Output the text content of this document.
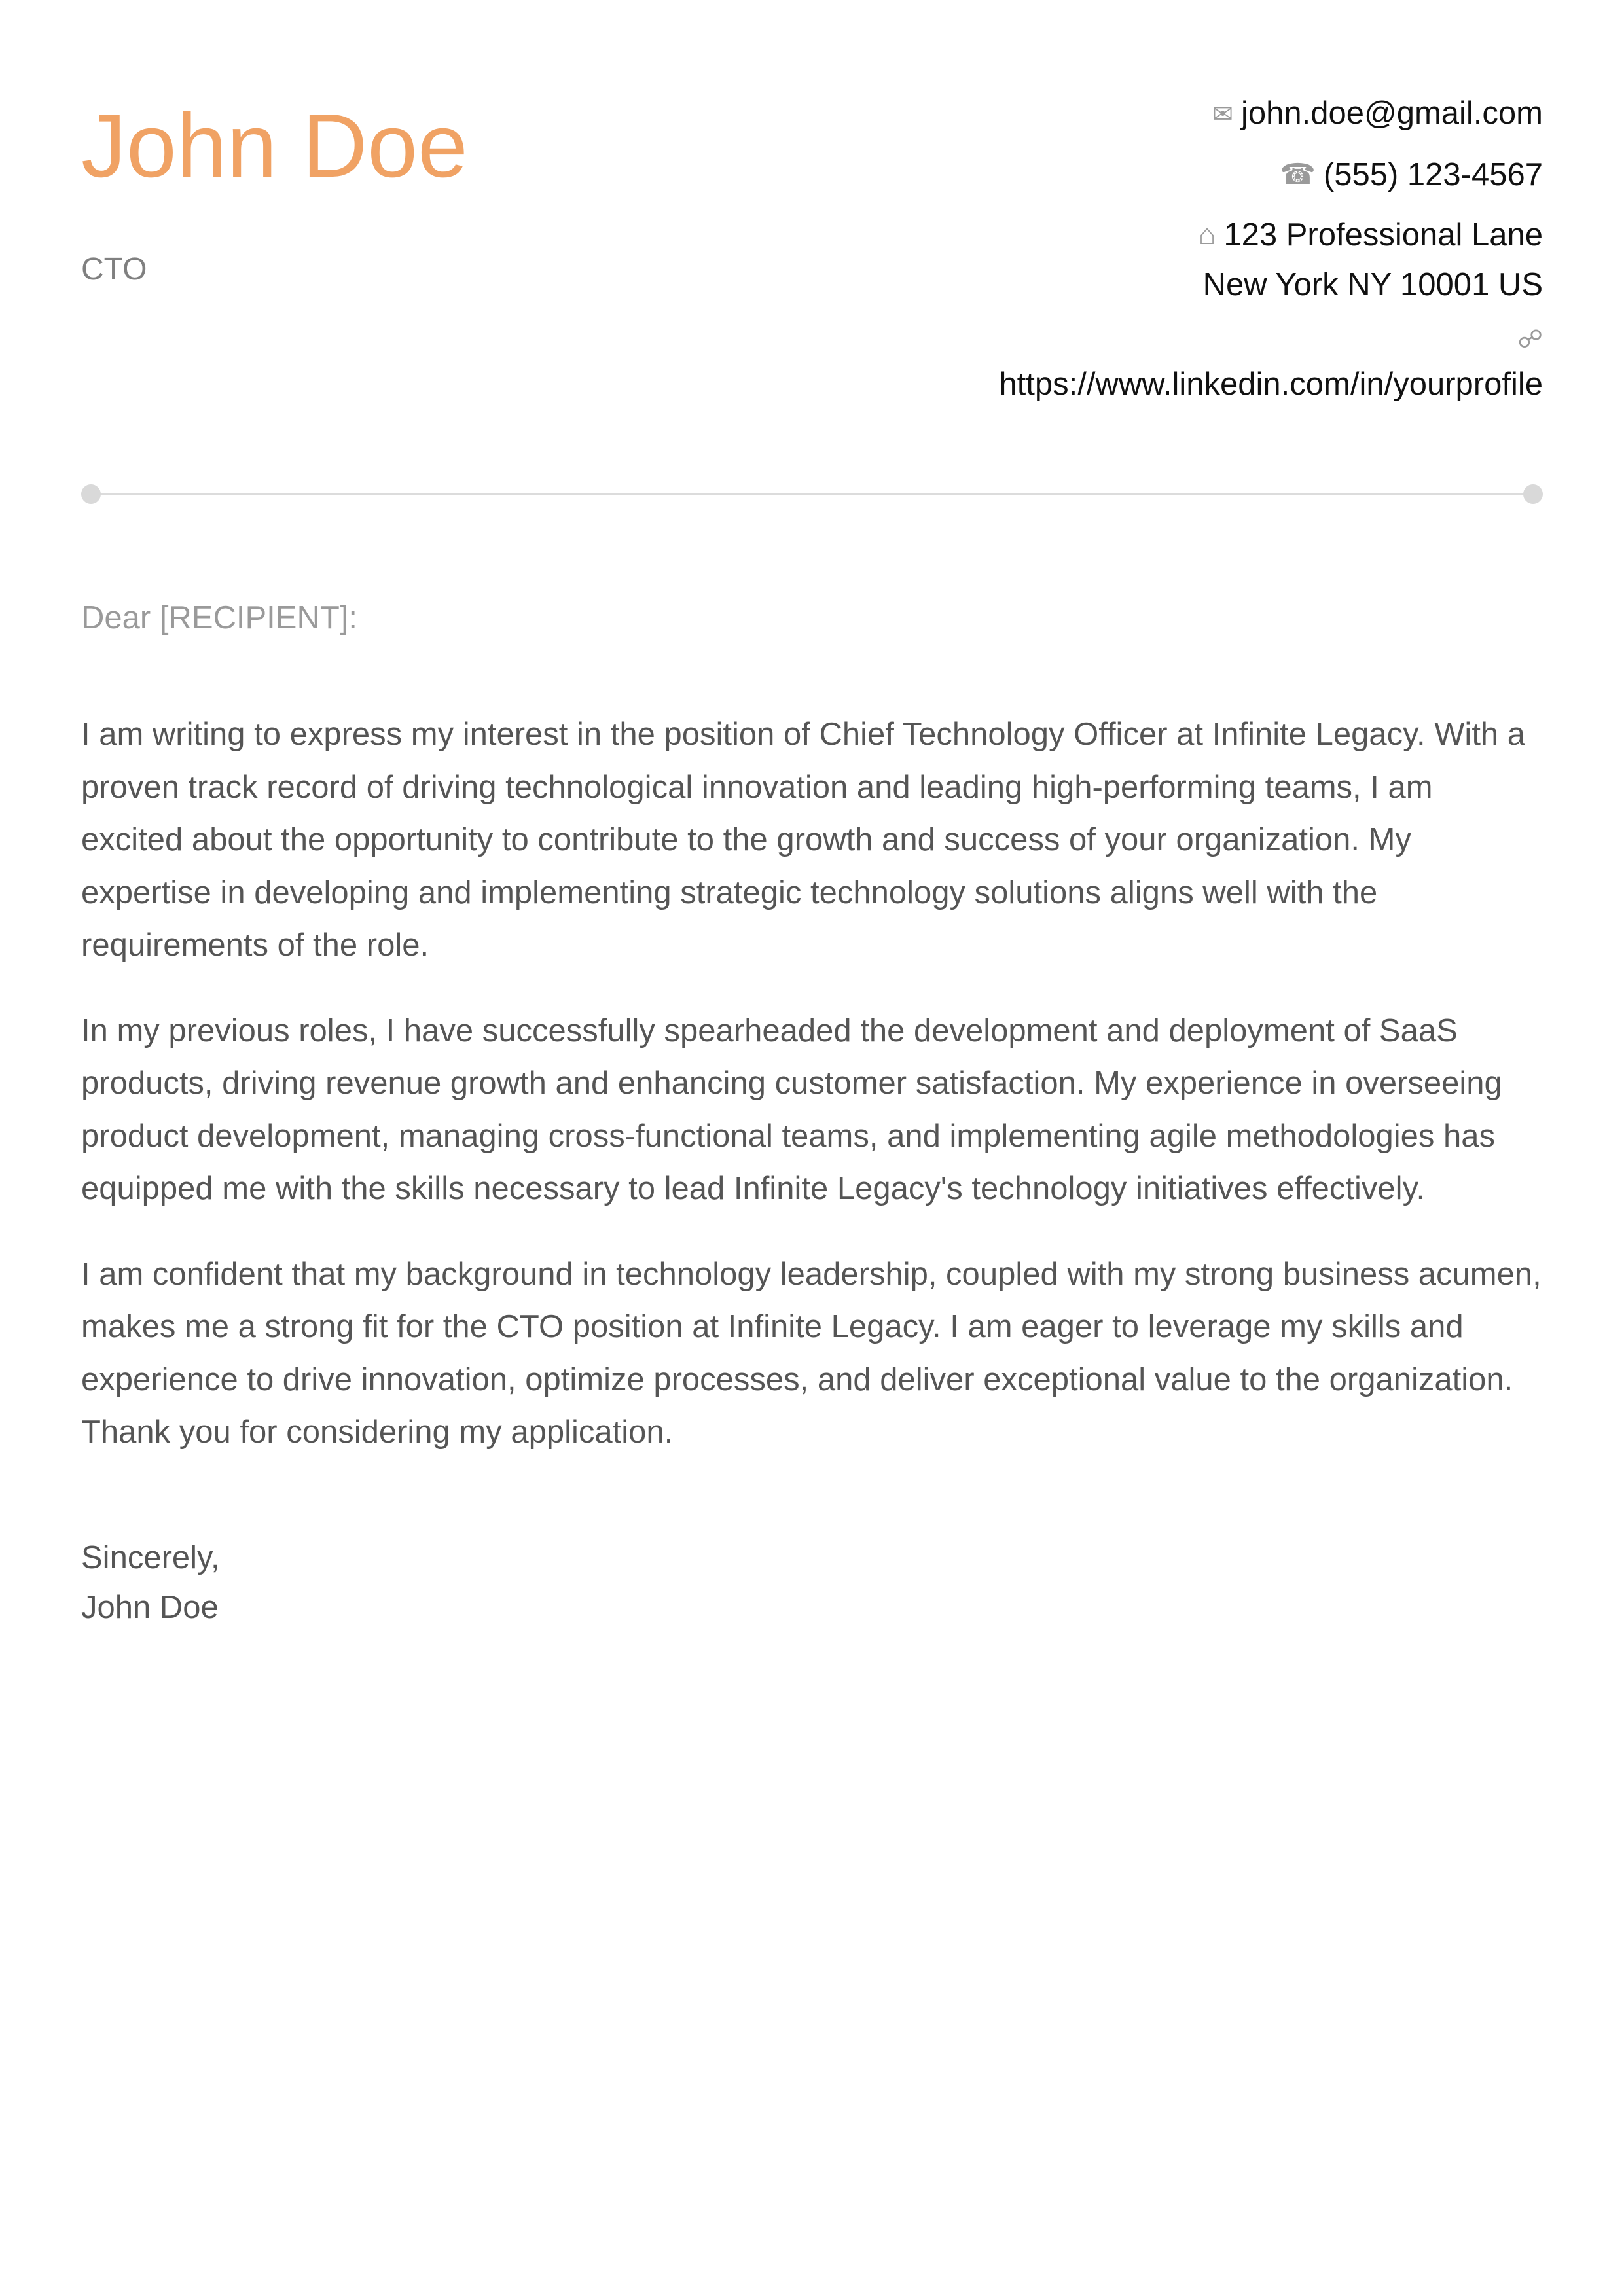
John Doe
CTO
✉ john.doe@gmail.com
☎ (555) 123-4567
⌂ 123 Professional Lane
New York NY 10001 US
☍
https://www.linkedin.com/in/yourprofile
Dear [RECIPIENT]:

I am writing to express my interest in the position of Chief Technology Officer at Infinite Legacy. With a proven track record of driving technological innovation and leading high-performing teams, I am excited about the opportunity to contribute to the growth and success of your organization. My expertise in developing and implementing strategic technology solutions aligns well with the requirements of the role.

In my previous roles, I have successfully spearheaded the development and deployment of SaaS products, driving revenue growth and enhancing customer satisfaction. My experience in overseeing product development, managing cross-functional teams, and implementing agile methodologies has equipped me with the skills necessary to lead Infinite Legacy's technology initiatives effectively.

I am confident that my background in technology leadership, coupled with my strong business acumen, makes me a strong fit for the CTO position at Infinite Legacy. I am eager to leverage my skills and experience to drive innovation, optimize processes, and deliver exceptional value to the organization. Thank you for considering my application.

Sincerely,
John Doe
